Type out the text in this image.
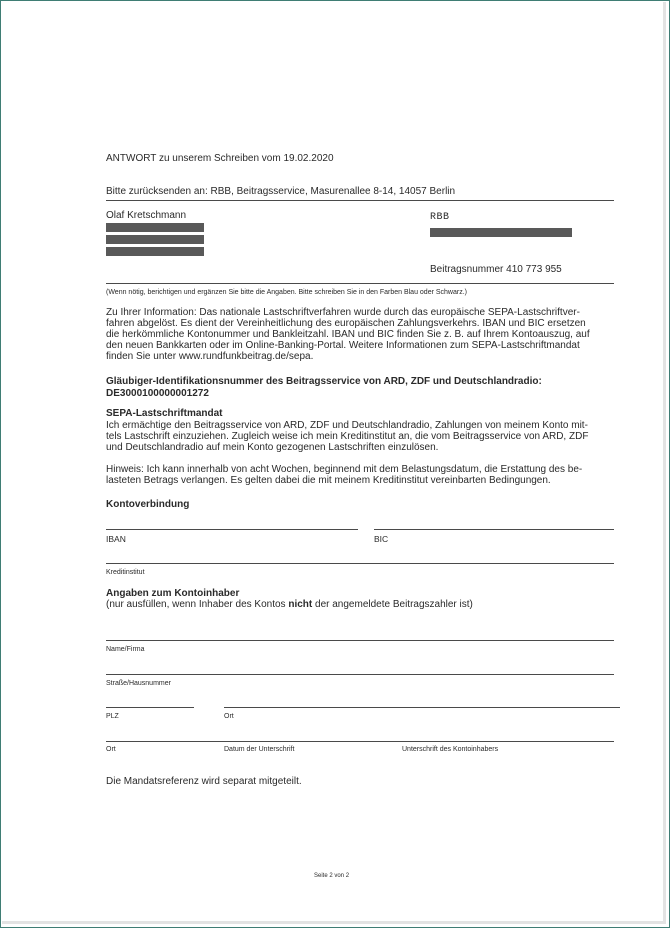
ANTWORT zu unserem Schreiben vom 19.02.2020
Bitte zurücksenden an: RBB, Beitragsservice, Masurenallee 8-14, 14057 Berlin
Olaf Kretschmann	RBB
Beitragsnummer 410 773 955
(Wenn nötig, berichtigen und ergänzen Sie bitte die Angaben. Bitte schreiben Sie in den Farben Blau oder Schwarz.)
Zu Ihrer Information: Das nationale Lastschriftverfahren wurde durch das europäische SEPA-Lastschriftver-
fahren abgelöst. Es dient der Vereinheitlichung des europäischen Zahlungsverkehrs. IBAN und BIC ersetzen
die herkömmliche Kontonummer und Bankleitzahl. IBAN und BIC finden Sie z. B. auf Ihrem Kontoauszug, auf
den neuen Bankkarten oder im Online-Banking-Portal. Weitere Informationen zum SEPA-Lastschriftmandat
finden Sie unter www.rundfunkbeitrag.de/sepa.
Gläubiger-Identifikationsnummer des Beitragsservice von ARD, ZDF und Deutschlandradio:
DE3000100000001272
SEPA-Lastschriftmandat
Ich ermächtige den Beitragsservice von ARD, ZDF und Deutschlandradio, Zahlungen von meinem Konto mit-
tels Lastschrift einzuziehen. Zugleich weise ich mein Kreditinstitut an, die vom Beitragsservice von ARD, ZDF
und Deutschlandradio auf mein Konto gezogenen Lastschriften einzulösen.
Hinweis: Ich kann innerhalb von acht Wochen, beginnend mit dem Belastungsdatum, die Erstattung des be-
lasteten Betrags verlangen. Es gelten dabei die mit meinem Kreditinstitut vereinbarten Bedingungen.
Kontoverbindung
IBAN	BIC
Kreditinstitut
Angaben zum Kontoinhaber
(nur ausfüllen, wenn Inhaber des Kontos nicht der angemeldete Beitragszahler ist)
Name/Firma
Straße/Hausnummer
PLZ	Ort
Ort	Datum der Unterschrift	Unterschrift des Kontoinhabers
Die Mandatsreferenz wird separat mitgeteilt.
Seite 2 von 2
